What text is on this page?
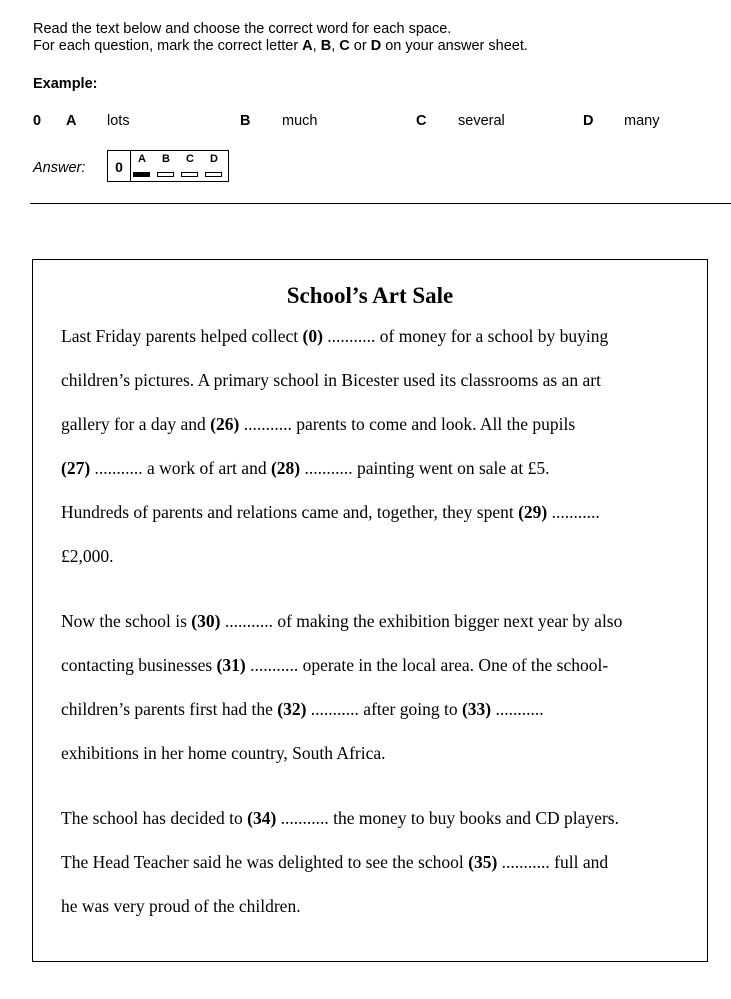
Read the text below and choose the correct word for each space.
For each question, mark the correct letter A, B, C or D on your answer sheet.
Example:
0 A lots	B much	C several	D many
Answer:	0	A	B	C	D
School’s Art Sale
Last Friday parents helped collect (0) ........... of money for a school by buying
children’s pictures. A primary school in Bicester used its classrooms as an art
gallery for a day and (26) ........... parents to come and look. All the pupils
(27) ........... a work of art and (28) ........... painting went on sale at £5.
Hundreds of parents and relations came and, together, they spent (29) ...........
£2,000.
Now the school is (30) ........... of making the exhibition bigger next year by also
contacting businesses (31) ........... operate in the local area. One of the school-
children’s parents first had the (32) ........... after going to (33) ...........
exhibitions in her home country, South Africa.
The school has decided to (34) ........... the money to buy books and CD players.
The Head Teacher said he was delighted to see the school (35) ........... full and
he was very proud of the children.
